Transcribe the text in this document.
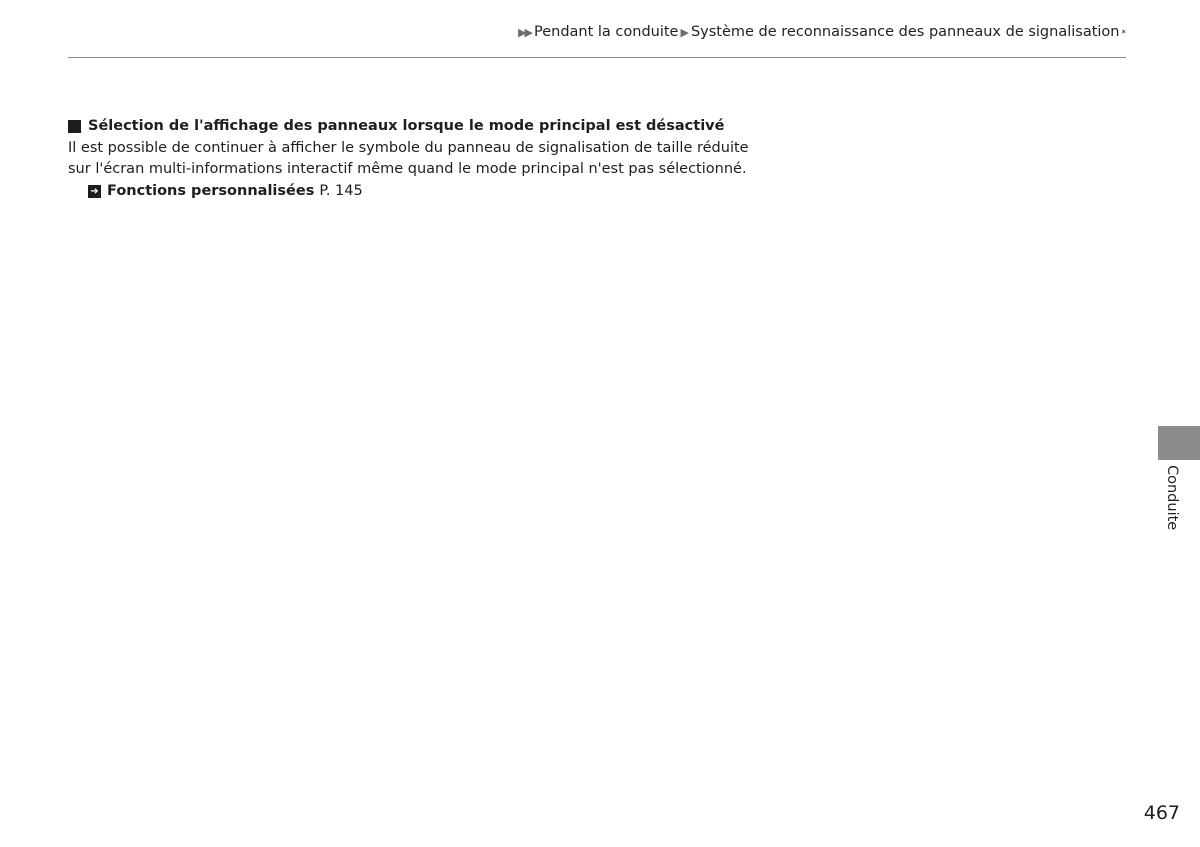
▶▶ Pendant la conduite ▶ Système de reconnaissance des panneaux de signalisation *
Sélection de l'affichage des panneaux lorsque le mode principal est désactivé
Il est possible de continuer à afficher le symbole du panneau de signalisation de taille réduite
sur l'écran multi-informations interactif même quand le mode principal n'est pas sélectionné.
➜ Fonctions personnalisées P. 145
Conduite
467
